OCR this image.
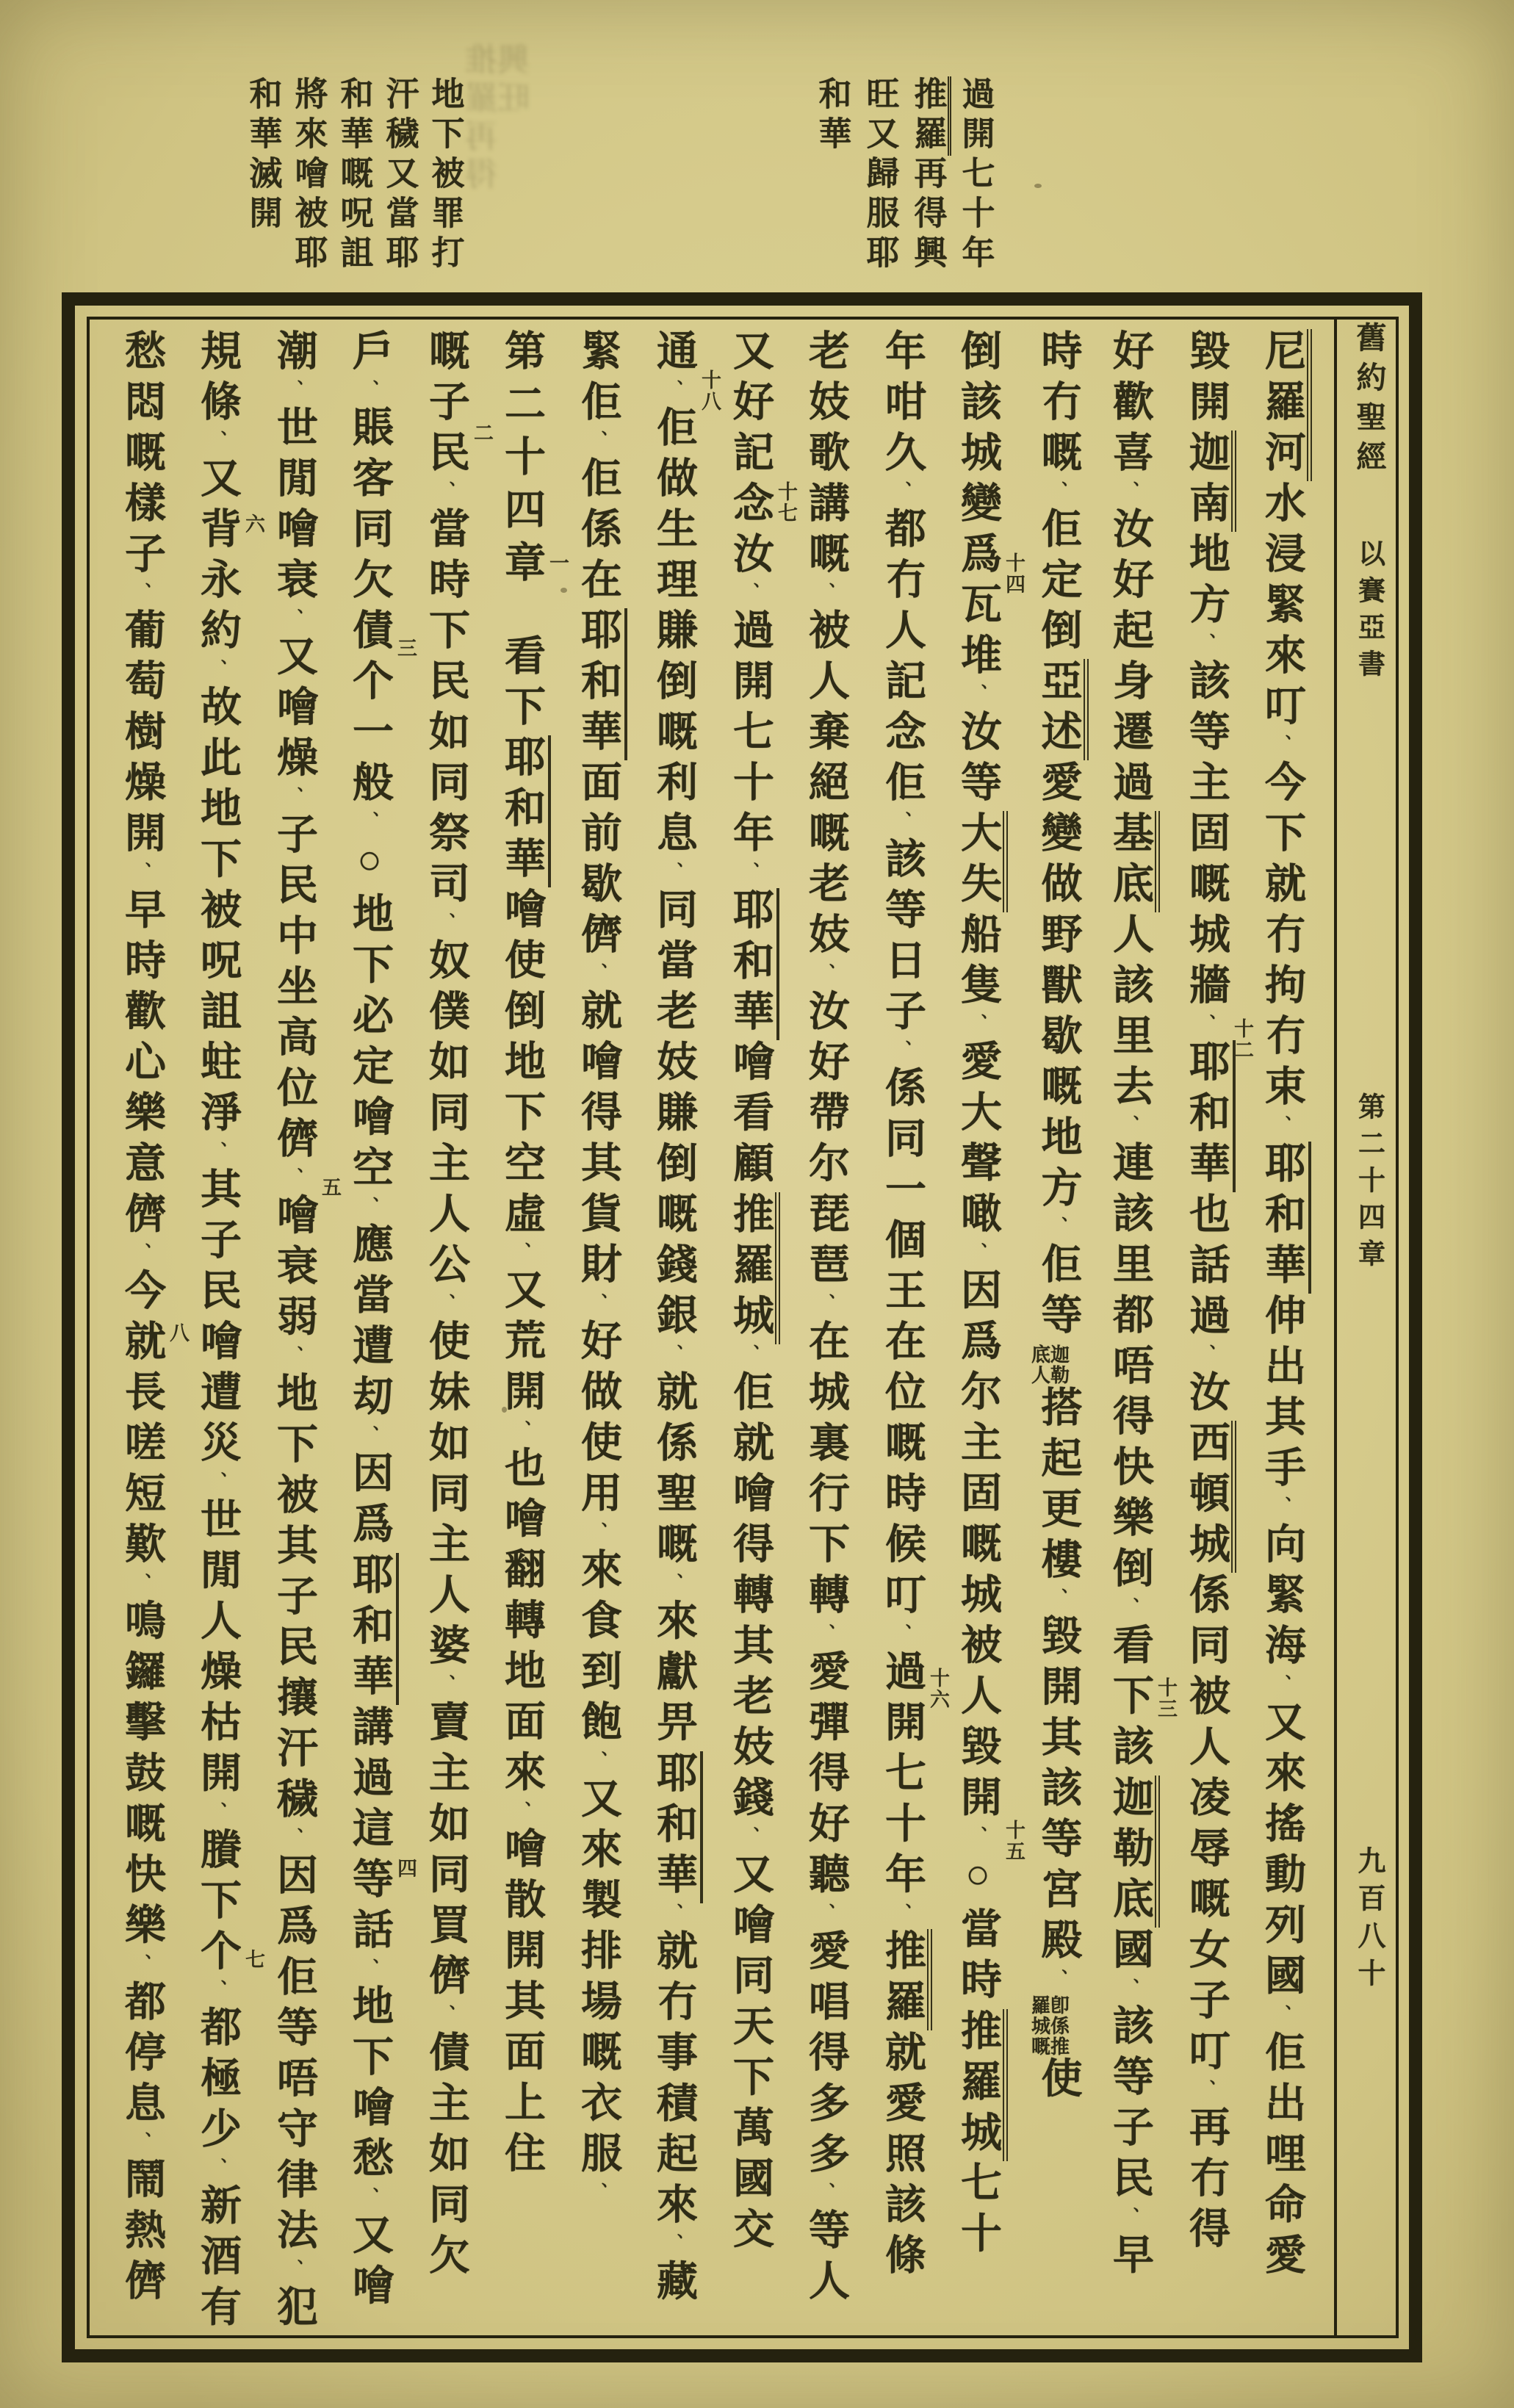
舊約聖經
以賽亞書
第二十四章
九百八十
推羅再得興旺	過開七十年
推羅再得興
旺又歸服耶
和華
地下被罪打
汗穢又當耶
和華嘅呪詛
將來噲被耶
和華滅開
尼羅河水浸緊來叮、今下就冇拘冇束、耶和華伸出其手、向緊海、又來搖動列國、佢出哩命愛
毀開迦南地方、該等主固嘅城牆、耶和華也話過、汝西頓城係同被人凌辱嘅女子叮、再冇得
十二
好歡喜、汝好起身遷過基底人該里去、連該里都唔得快樂倒、看下該迦勒底國、該等子民、早
十三
時冇嘅、佢定倒亞述愛變做野獸歇嘅地方、佢等
迦勒
底人
搭起更樓、毀開其該等宮殿、
卽係推
羅城嘅
使
倒該城變爲瓦堆、汝等大失船隻、愛大聲噉、因爲尔主固嘅城被人毀開、○當時推羅城七十
十四
十五
年咁久、都冇人記念佢、該等日子、係同一個王在位嘅時候叮、過開七十年、推羅就愛照該條
十六
老妓歌講嘅、被人棄絕嘅老妓、汝好帶尔琵琶、在城裏行下轉、愛彈得好聽、愛唱得多多、等人
又好記念汝、過開七十年、耶和華噲看顧推羅城、佢就噲得轉其老妓錢、又噲同天下萬國交
十七
通、佢做生理賺倒嘅利息、同當老妓賺倒嘅錢銀、就係聖嘅、來獻畀耶和華、就冇事積起來、藏
十八
緊佢、佢係在耶和華面前歇儕、就噲得其貨財、好做使用、來食到飽、又來製排場嘅衣服、
第二十四章看下耶和華噲使倒地下空虛、又荒開、也噲翻轉地面來、噲散開其面上住
一
嘅子民、當時下民如同祭司、奴僕如同主人公、使妹如同主人婆、賣主如同買儕、債主如同欠
二
戶、賬客同欠債个一般、○地下必定噲空、應當遭刧、因爲耶和華講過這等話、地下噲愁、又噲
三
四
潮、世閒噲衰、又噲燥、子民中坐高位儕、噲衰弱、地下被其子民攘汗穢、因爲佢等唔守律法、犯
五
規條、又背永約、故此地下被呪詛蛀淨、其子民噲遭災、世閒人燥枯開、賸下个、都極少、新酒有
六
七
愁悶嘅樣子、葡萄樹燥開、早時歡心樂意儕、今就長嗟短歎、鳴鑼擊鼓嘅快樂、都停息、鬧熱儕
八
